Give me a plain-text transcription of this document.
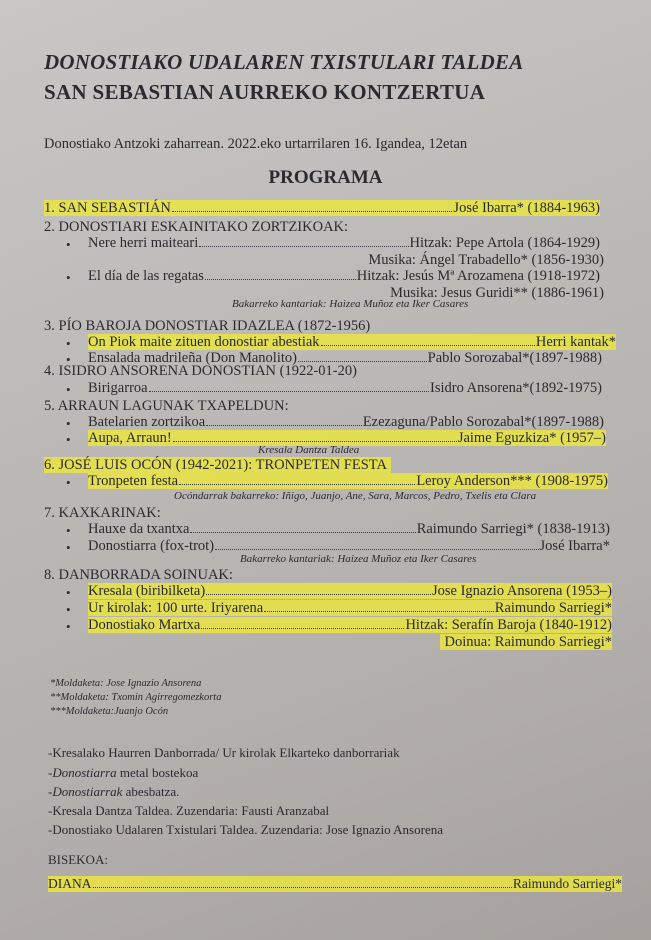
DONOSTIAKO UDALAREN TXISTULARI TALDEA
SAN SEBASTIAN AURREKO KONTZERTUA
Donostiako Antzoki zaharrean. 2022.eko urtarrilaren 16. Igandea, 12etan
PROGRAMA
1. SAN SEBASTIÁN	José Ibarra* (1884-1963)
2. DONOSTIARI ESKAINITAKO ZORTZIKOAK:
• Nere herri maiteari	Hitzak: Pepe Artola (1864-1929)
Musika: Ángel Trabadello* (1856-1930)
• El día de las regatas	Hitzak: Jesús Mª Arozamena (1918-1972)
Musika: Jesus Guridi** (1886-1961)
Bakarreko kantariak: Haizea Muñoz eta Iker Casares
3. PÍO BAROJA DONOSTIAR IDAZLEA (1872-1956)
• On Piok maite zituen donostiar abestiak	Herri kantak*
• Ensalada madrileña (Don Manolito)	Pablo Sorozabal*(1897-1988)
4. ISIDRO ANSORENA DONOSTIAN (1922-01-20)
• Birigarroa	Isidro Ansorena*(1892-1975)
5. ARRAUN LAGUNAK TXAPELDUN:
• Batelarien zortzikoa	Ezezaguna/Pablo Sorozabal*(1897-1988)
• Aupa, Arraun!	Jaime Eguzkiza* (1957–)
Kresala Dantza Taldea
6. JOSÉ LUIS OCÓN (1942-2021): TRONPETEN FESTA
• Tronpeten festa	Leroy Anderson*** (1908-1975)
Ocóndarrak bakarreko: Iñigo, Juanjo, Ane, Sara, Marcos, Pedro, Txelis eta Clara
7. KAXKARINAK:
• Hauxe da txantxa	Raimundo Sarriegi* (1838-1913)
• Donostiarra (fox-trot)	José Ibarra*
Bakarreko kantariak: Haizea Muñoz eta Iker Casares
8. DANBORRADA SOINUAK:
• Kresala (biribilketa)	Jose Ignazio Ansorena (1953–)
• Ur kirolak: 100 urte. Iriyarena	Raimundo Sarriegi*
• Donostiako Martxa	Hitzak: Serafín Baroja (1840-1912)
Doinua: Raimundo Sarriegi*
*Moldaketa: Jose Ignazio Ansorena
**Moldaketa: Txomin Agirregomezkorta
***Moldaketa:Juanjo Ocón
-Kresalako Haurren Danborrada/ Ur kirolak Elkarteko danborrariak
-Donostiarra metal bostekoa
-Donostiarrak abesbatza.
-Kresala Dantza Taldea. Zuzendaria: Fausti Aranzabal
-Donostiako Udalaren Txistulari Taldea. Zuzendaria: Jose Ignazio Ansorena
BISEKOA:
DIANA	Raimundo Sarriegi*
